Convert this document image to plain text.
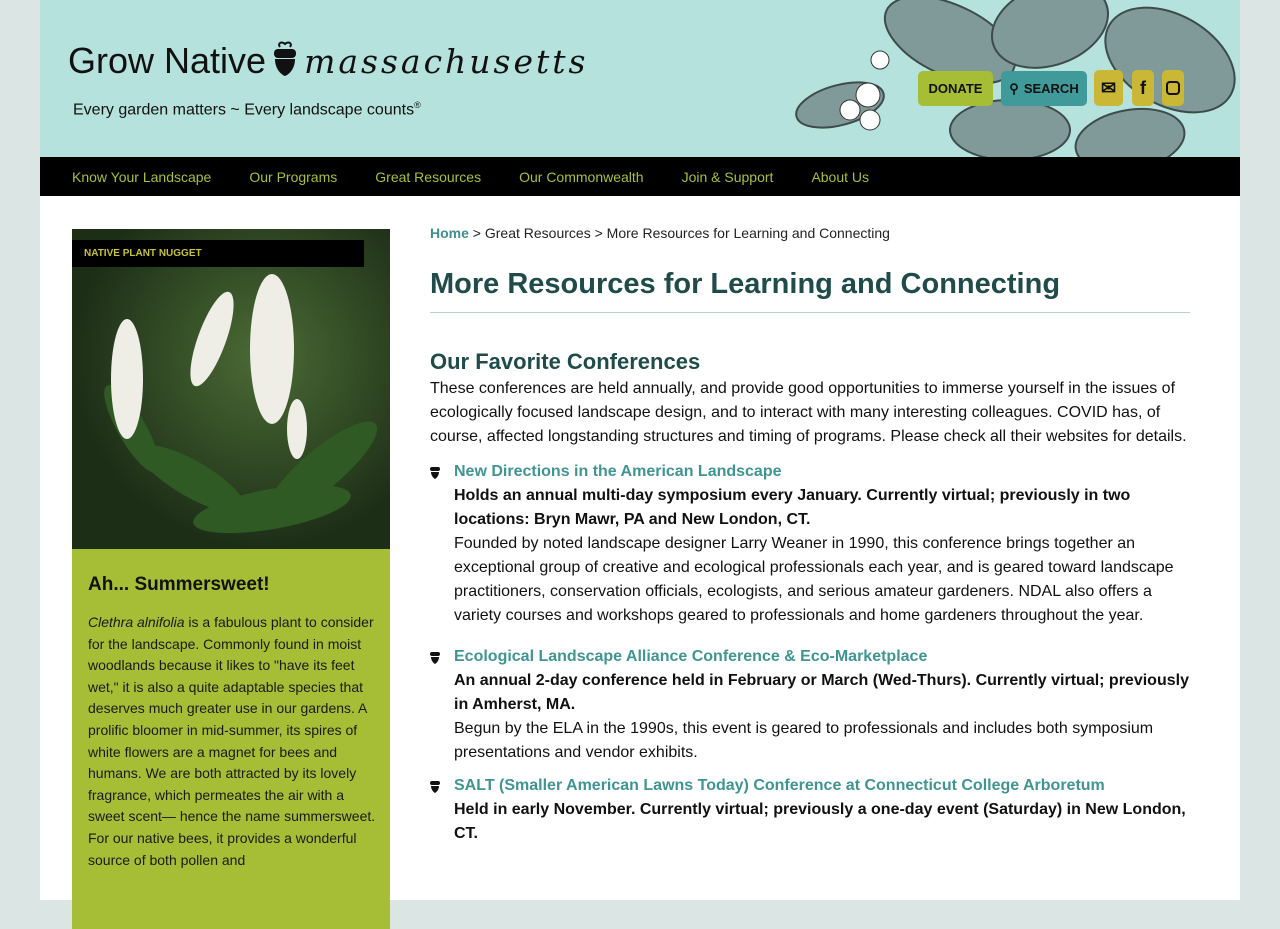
Grow Native massachusetts
Every garden matters ~ Every landscape counts®
DONATE	⚲ SEARCH	✉	f
Know Your Landscape	Our Programs	Great Resources	Our Commonwealth	Join & Support	About Us
NATIVE PLANT NUGGET
Ah... Summersweet!

Clethra alnifolia is a fabulous plant to consider for the landscape. Commonly found in moist woodlands because it likes to "have its feet wet," it is also a quite adaptable species that deserves much greater use in our gardens. A prolific bloomer in mid-summer, its spires of white flowers are a magnet for bees and humans. We are both attracted by its lovely fragrance, which permeates the air with a sweet scent— hence the name summersweet. For our native bees, it provides a wonderful source of both pollen and

Home > Great Resources > More Resources for Learning and Connecting
More Resources for Learning and Connecting
Our Favorite Conferences

These conferences are held annually, and provide good opportunities to immerse yourself in the issues of ecologically focused landscape design, and to interact with many interesting colleagues. COVID has, of course, affected longstanding structures and timing of programs. Please check all their websites for details.

New Directions in the American Landscape
Holds an annual multi-day symposium every January. Currently virtual; previously in two locations: Bryn Mawr, PA and New London, CT.
Founded by noted landscape designer Larry Weaner in 1990, this conference brings together an exceptional group of creative and ecological professionals each year, and is geared toward landscape practitioners, conservation officials, ecologists, and serious amateur gardeners. NDAL also offers a variety courses and workshops geared to professionals and home gardeners throughout the year.
Ecological Landscape Alliance Conference & Eco-Marketplace
An annual 2-day conference held in February or March (Wed-Thurs). Currently virtual; previously in Amherst, MA.
Begun by the ELA in the 1990s, this event is geared to professionals and includes both symposium presentations and vendor exhibits.
SALT (Smaller American Lawns Today) Conference at Connecticut College Arboretum
Held in early November. Currently virtual; previously a one-day event (Saturday) in New London, CT.
